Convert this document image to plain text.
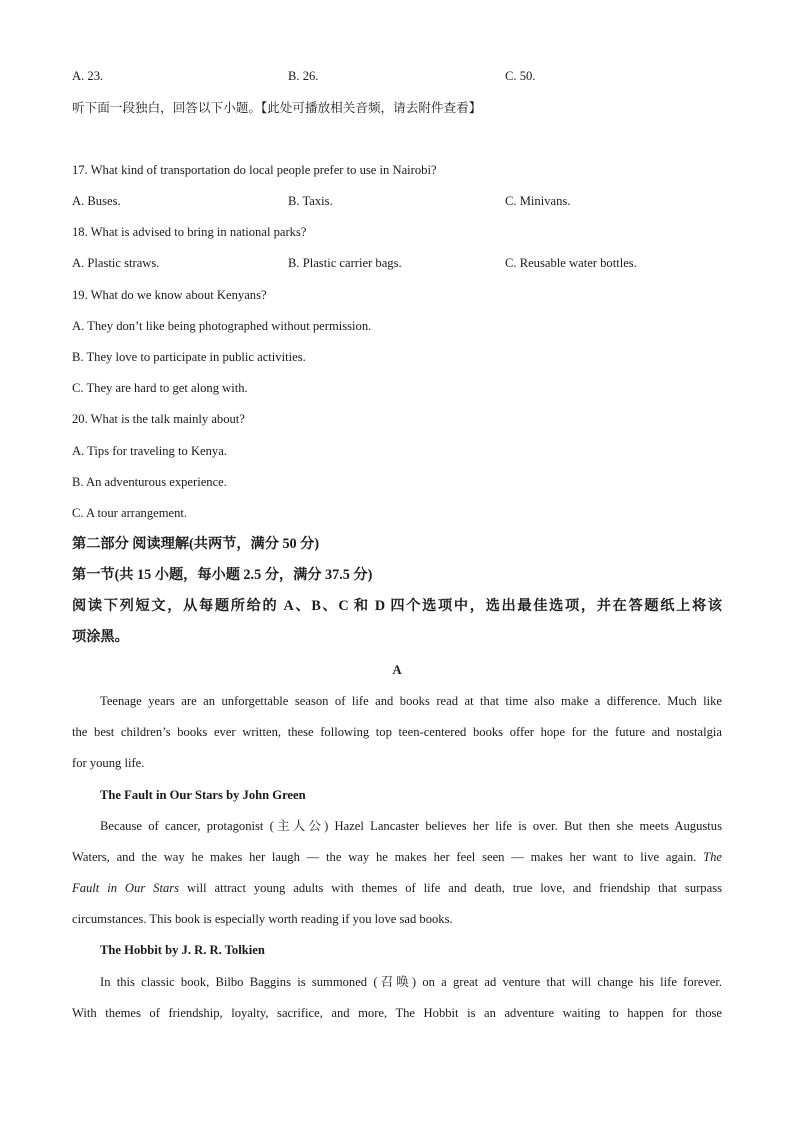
A. 23.	B. 26.	C. 50.
听下面一段独白，回答以下小题。【此处可播放相关音频，请去附件查看】
17. What kind of transportation do local people prefer to use in Nairobi?
A. Buses.	B. Taxis.	C. Minivans.
18. What is advised to bring in national parks?
A. Plastic straws.	B. Plastic carrier bags.	C. Reusable water bottles.
19. What do we know about Kenyans?
A. They don’t like being photographed without permission.
B. They love to participate in public activities.
C. They are hard to get along with.
20. What is the talk mainly about?
A. Tips for traveling to Kenya.
B. An adventurous experience.
C. A tour arrangement.
第二部分 阅读理解(共两节，满分 50 分)
第一节(共 15 小题，每小题 2.5 分，满分 37.5 分)
阅读下列短文，从每题所给的 A、B、C 和 D 四个选项中，选出最佳选项，并在答题纸上将该
项涂黑。
A
Teenage years are an unforgettable season of life and books read at that time also make a difference. Much like
the best children’s books ever written, these following top teen-centered books offer hope for the future and nostalgia
for young life.
The Fault in Our Stars by John Green
Because of cancer, protagonist (主人公) Hazel Lancaster believes her life is over. But then she meets Augustus
Waters, and the way he makes her laugh — the way he makes her feel seen — makes her want to live again. The
Fault in Our Stars will attract young adults with themes of life and death, true love, and friendship that surpass
circumstances. This book is especially worth reading if you love sad books.
The Hobbit by J. R. R. Tolkien
In this classic book, Bilbo Baggins is summoned (召唤) on a great ad venture that will change his life forever.
With themes of friendship, loyalty, sacrifice, and more, The Hobbit is an adventure waiting to happen for those
